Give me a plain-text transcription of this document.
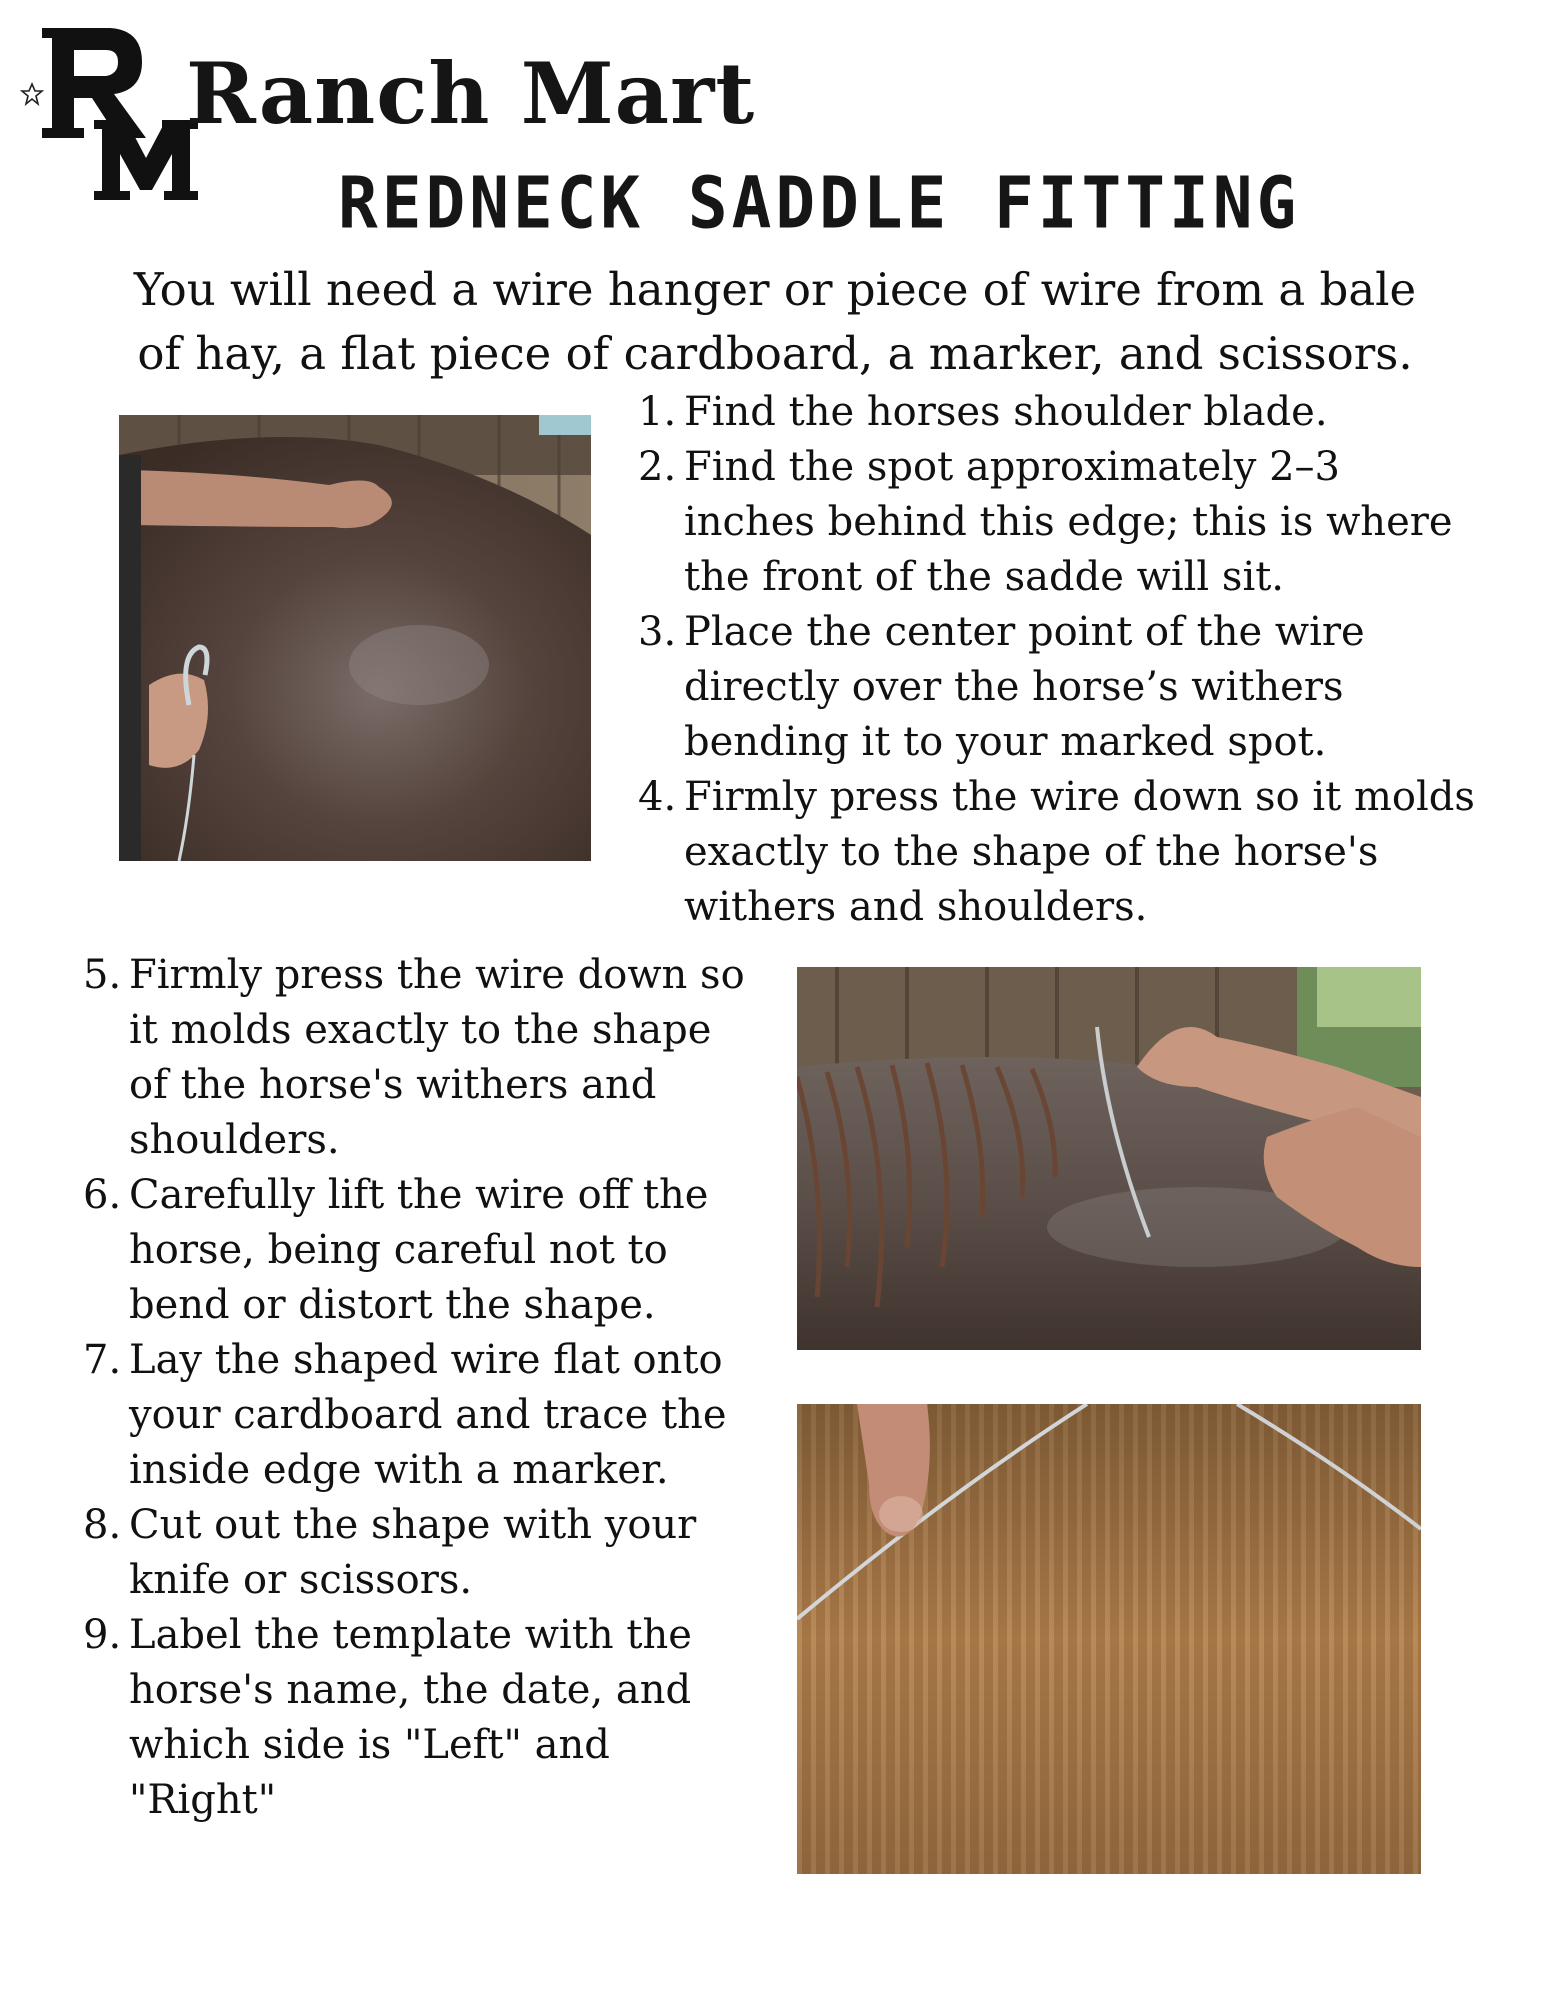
Ranch Mart
REDNECK SADDLE FITTING
You will need a wire hanger or piece of wire from a bale
of hay, a flat piece of cardboard, a marker, and scissors.
1. Find the horses shoulder blade.
2. Find the spot approximately 2–3
inches behind this edge; this is where
the front of the sadde will sit.
3. Place the center point of the wire
directly over the horse’s withers
bending it to your marked spot.
4. Firmly press the wire down so it molds
exactly to the shape of the horse's
withers and shoulders.
5. Firmly press the wire down so
it molds exactly to the shape
of the horse's withers and
shoulders.
6. Carefully lift the wire off the
horse, being careful not to
bend or distort the shape.
7. Lay the shaped wire flat onto
your cardboard and trace the
inside edge with a marker.
8. Cut out the shape with your
knife or scissors.
9. Label the template with the
horse's name, the date, and
which side is "Left" and
"Right"
